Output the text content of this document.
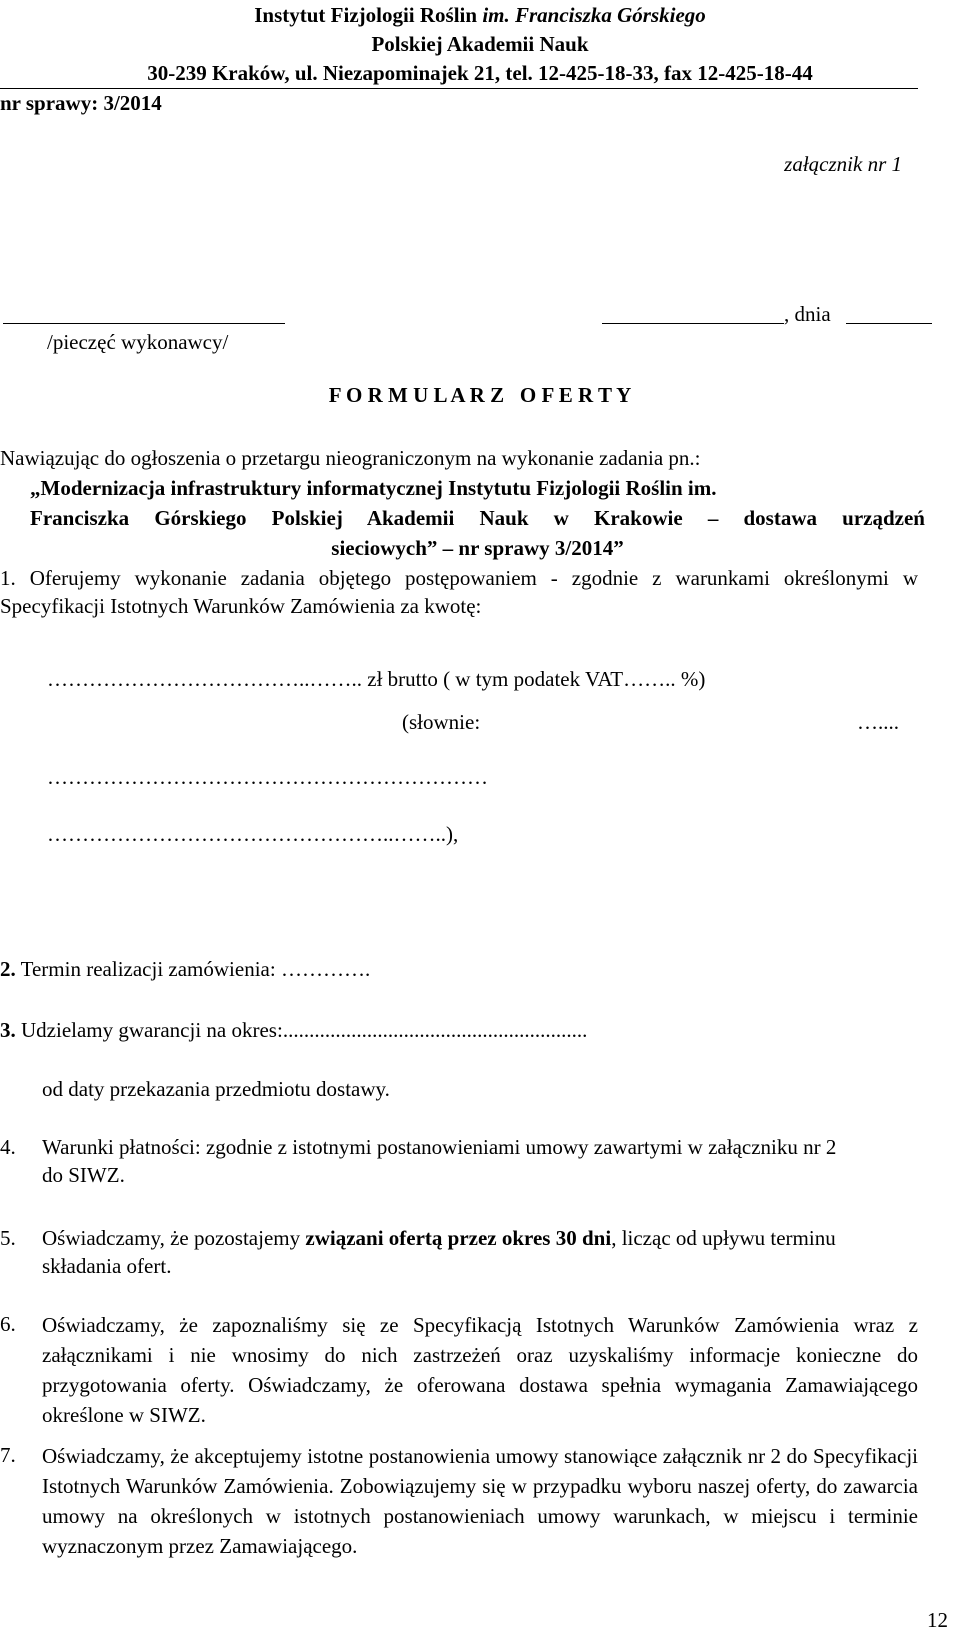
Instytut Fizjologii Roślin im. Franciszka Górskiego
Polskiej Akademii Nauk
30-239 Kraków, ul. Niezapominajek 21, tel. 12-425-18-33, fax 12-425-18-44
nr sprawy: 3/2014
załącznik nr 1
/pieczęć wykonawcy/
, dnia
F O R M U L A R Z   O F E R T Y
Nawiązując do ogłoszenia o przetargu nieograniczonym na wykonanie zadania pn.:
„Modernizacja infrastruktury informatycznej Instytutu Fizjologii Roślin im.
Franciszka Górskiego Polskiej Akademii Nauk w Krakowie – dostawa urządzeń
sieciowych” – nr sprawy 3/2014”
1. Oferujemy wykonanie zadania objętego postępowaniem - zgodnie z warunkami określonymi w Specyfikacji Istotnych Warunków Zamówienia za kwotę:
………………………………..…….. zł brutto ( w tym podatek VAT…….. %)
(słownie:	…....
………………………………………………………
…………………………………………..……..),
2. Termin realizacji zamówienia: ………….
3. Udzielamy gwarancji na okres:..........................................................
od daty przekazania przedmiotu dostawy.
4. Warunki płatności: zgodnie z istotnymi postanowieniami umowy zawartymi w załączniku nr 2 do SIWZ.
5. Oświadczamy, że pozostajemy związani ofertą przez okres 30 dni, licząc od upływu terminu składania ofert.
6. Oświadczamy, że zapoznaliśmy się ze Specyfikacją Istotnych Warunków Zamówienia wraz z załącznikami i nie wnosimy do nich zastrzeżeń oraz uzyskaliśmy informacje konieczne do przygotowania oferty. Oświadczamy, że oferowana dostawa spełnia wymagania Zamawiającego określone w SIWZ.
7. Oświadczamy, że akceptujemy istotne postanowienia umowy stanowiące załącznik nr 2 do Specyfikacji Istotnych Warunków Zamówienia. Zobowiązujemy się w przypadku wyboru naszej oferty, do zawarcia umowy na określonych w istotnych postanowieniach umowy warunkach, w miejscu i terminie wyznaczonym przez Zamawiającego.
12
